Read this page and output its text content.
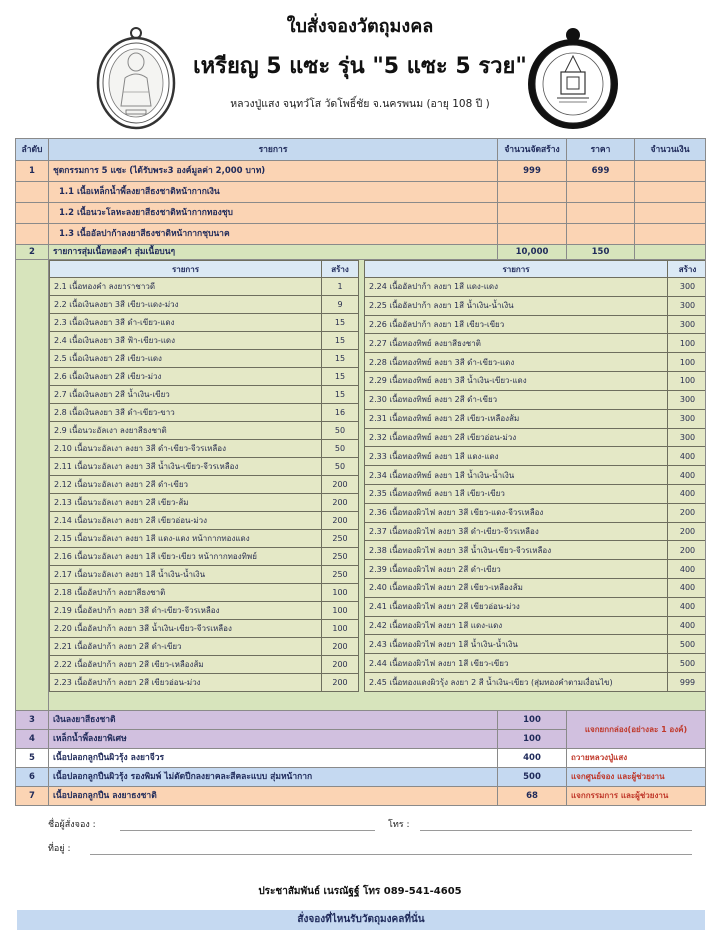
ใบสั่งจองวัตถุมงคล
เหรียญ 5 แซะ รุ่น "5 แซะ 5 รวย"
หลวงปู่แสง จนฺทวํโส วัดโพธิ์ชัย จ.นครพนม (อายุ 108 ปี )
ลำดับ	รายการ	จำนวนจัดสร้าง	ราคา	จำนวนเงิน
1	ชุดกรรมการ 5 แซะ (ได้รับพระ3 องค์มูลค่า 2,000 บาท)	999	699	
	1.1 เนื้อเหล็กน้ำพี้ลงยาสีธงชาติหน้ากากเงิน			
	1.2 เนื้อนวะโลหะลงยาสีธงชาติหน้ากากทองชุบ			
	1.3 เนื้ออัลปาก้าลงยาสีธงชาติหน้ากากชุบนาค			
2	รายการสุ่มเนื้อทองคำ สุ่มเนื้อบนๆ	10,000	150	

รายการ	สร้าง
2.1 เนื้อทองคำ ลงยาราชาวดี	1
2.2 เนื้อเงินลงยา 3สี เขียว-แดง-ม่วง	9
2.3 เนื้อเงินลงยา 3สี ดำ-เขียว-แดง	15
2.4 เนื้อเงินลงยา 3สี ฟ้า-เขียว-แดง	15
2.5 เนื้อเงินลงยา 2สี เขียว-แดง	15
2.6 เนื้อเงินลงยา 2สี เขียว-ม่วง	15
2.7 เนื้อเงินลงยา 2สี น้ำเงิน-เขียว	15
2.8 เนื้อเงินลงยา 3สี ดำ-เขียว-ขาว	16
2.9 เนื้อนวะอัลเงา ลงยาสีธงชาติ	50
2.10 เนื้อนวะอัลเงา ลงยา 3สี ดำ-เขียว-จีวรเหลือง	50
2.11 เนื้อนวะอัลเงา ลงยา 3สี น้ำเงิน-เขียว-จีวรเหลือง	50
2.12 เนื้อนวะอัลเงา ลงยา 2สี ดำ-เขียว	200
2.13 เนื้อนวะอัลเงา ลงยา 2สี เขียว-ส้ม	200
2.14 เนื้อนวะอัลเงา ลงยา 2สี เขียวอ่อน-ม่วง	200
2.15 เนื้อนวะอัลเงา ลงยา 1สี แดง-แดง หน้ากากทองแดง	250
2.16 เนื้อนวะอัลเงา ลงยา 1สี เขียว-เขียว หน้ากากทองทิพย์	250
2.17 เนื้อนวะอัลเงา ลงยา 1สี น้ำเงิน-น้ำเงิน	250
2.18 เนื้ออัลปาก้า ลงยาสีธงชาติ	100
2.19 เนื้ออัลปาก้า ลงยา 3สี ดำ-เขียว-จีวรเหลือง	100
2.20 เนื้ออัลปาก้า ลงยา 3สี น้ำเงิน-เขียว-จีวรเหลือง	100
2.21 เนื้ออัลปาก้า ลงยา 2สี ดำ-เขียว	200
2.22 เนื้ออัลปาก้า ลงยา 2สี เขียว-เหลืองส้ม	200
2.23 เนื้ออัลปาก้า ลงยา 2สี เขียวอ่อน-ม่วง	200
รายการ	สร้าง
2.24 เนื้ออัลปาก้า ลงยา 1สี แดง-แดง	300
2.25 เนื้ออัลปาก้า ลงยา 1สี น้ำเงิน-น้ำเงิน	300
2.26 เนื้ออัลปาก้า ลงยา 1สี เขียว-เขียว	300
2.27 เนื้อทองทิพย์ ลงยาสีธงชาติ	100
2.28 เนื้อทองทิพย์ ลงยา 3สี ดำ-เขียว-แดง	100
2.29 เนื้อทองทิพย์ ลงยา 3สี น้ำเงิน-เขียว-แดง	100
2.30 เนื้อทองทิพย์ ลงยา 2สี ดำ-เขียว	300
2.31 เนื้อทองทิพย์ ลงยา 2สี เขียว-เหลืองส้ม	300
2.32 เนื้อทองทิพย์ ลงยา 2สี เขียวอ่อน-ม่วง	300
2.33 เนื้อทองทิพย์ ลงยา 1สี แดง-แดง	400
2.34 เนื้อทองทิพย์ ลงยา 1สี น้ำเงิน-น้ำเงิน	400
2.35 เนื้อทองทิพย์ ลงยา 1สี เขียว-เขียว	400
2.36 เนื้อทองผิวไฟ ลงยา 3สี เขียว-แดง-จีวรเหลือง	200
2.37 เนื้อทองผิวไฟ ลงยา 3สี ดำ-เขียว-จีวรเหลือง	200
2.38 เนื้อทองผิวไฟ ลงยา 3สี น้ำเงิน-เขียว-จีวรเหลือง	200
2.39 เนื้อทองผิวไฟ ลงยา 2สี ดำ-เขียว	400
2.40 เนื้อทองผิวไฟ ลงยา 2สี เขียว-เหลืองส้ม	400
2.41 เนื้อทองผิวไฟ ลงยา 2สี เขียวอ่อน-ม่วง	400
2.42 เนื้อทองผิวไฟ ลงยา 1สี แดง-แดง	400
2.43 เนื้อทองผิวไฟ ลงยา 1สี น้ำเงิน-น้ำเงิน	500
2.44 เนื้อทองผิวไฟ ลงยา 1สี เขียว-เขียว	500
2.45 เนื้อทองแดงผิวรุ้ง ลงยา 2 สี น้ำเงิน-เขียว (สุ่มทองคำตามเงื่อนไข)	999

3	เงินลงยาสีธงชาติ	100	แจกยกกล่อง(อย่างละ 1 องค์)
4	เหล็กน้ำพี้ลงยาพิเศษ	100
5	เนื้อปลอกลูกปืนผิวรุ้ง ลงยาจีวร	400	ถวายหลวงปู่แสง
6	เนื้อปลอกลูกปืนผิวรุ้ง รองพิมพ์ ไม่ตัดปีกลงยาคละสีคละแบบ สุ่มหน้ากาก	500	แจกศูนย์จอง และผู้ช่วยงาน
7	เนื้อปลอกลูกปืน ลงยาธงชาติ	68	แจกกรรมการ และผู้ช่วยงาน
ชื่อผู้สั่งจอง :	โทร :
ที่อยู่ :
ประชาสัมพันธ์ เนรณัฐฐ์ โทร 089-541-4605
สั่งจองที่ไหนรับวัตถุมงคลที่นั่น
